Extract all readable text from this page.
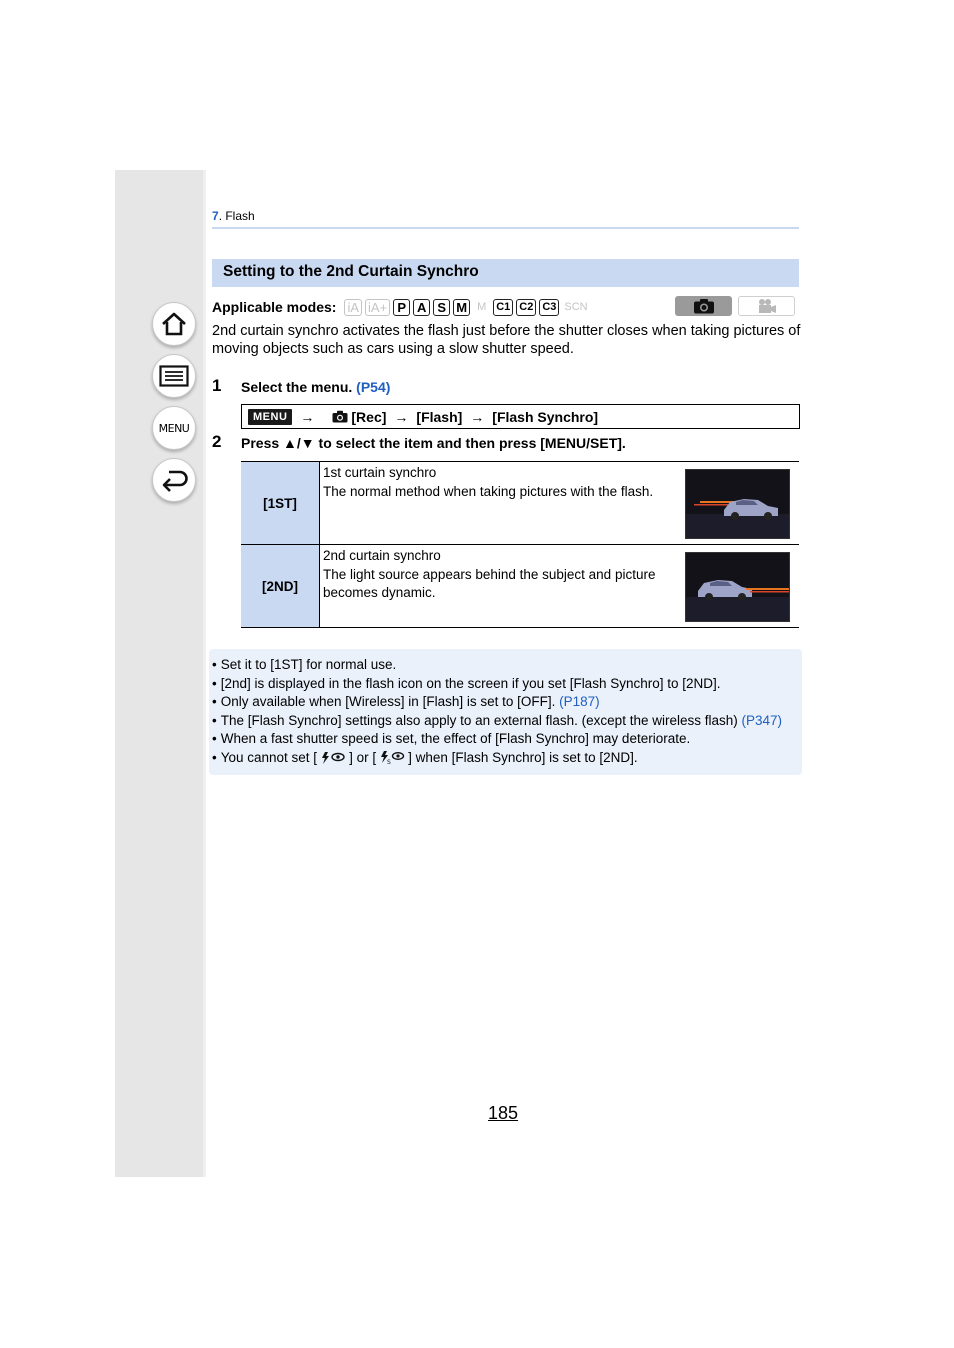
MENU
7. Flash
Setting to the 2nd Curtain Synchro
Applicable modes: iA iA+ P A S M M C1 C2 C3 SCN
2nd curtain synchro activates the flash just before the shutter closes when taking pictures of moving objects such as cars using a slow shutter speed.
1 Select the menu. (P54)
MENU →	[Rec] → [Flash] → [Flash Synchro]
2 Press ▲/▼ to select the item and then press [MENU/SET].
[1ST]	1st curtain synchro
The normal method when taking pictures with the flash.

[2ND]	2nd curtain synchro
The light source appears behind the subject and picture becomes dynamic.
• Set it to [1ST] for normal use.
• [2nd] is displayed in the flash icon on the screen if you set [Flash Synchro] to [2ND].
• Only available when [Wireless] in [Flash] is set to [OFF]. (P187)
• The [Flash Synchro] settings also apply to an external flash. (except the wireless flash) (P347)
• When a fast shutter speed is set, the effect of [Flash Synchro] may deteriorate.
• You cannot set [ ] or [ S ] when [Flash Synchro] is set to [2ND].
185
